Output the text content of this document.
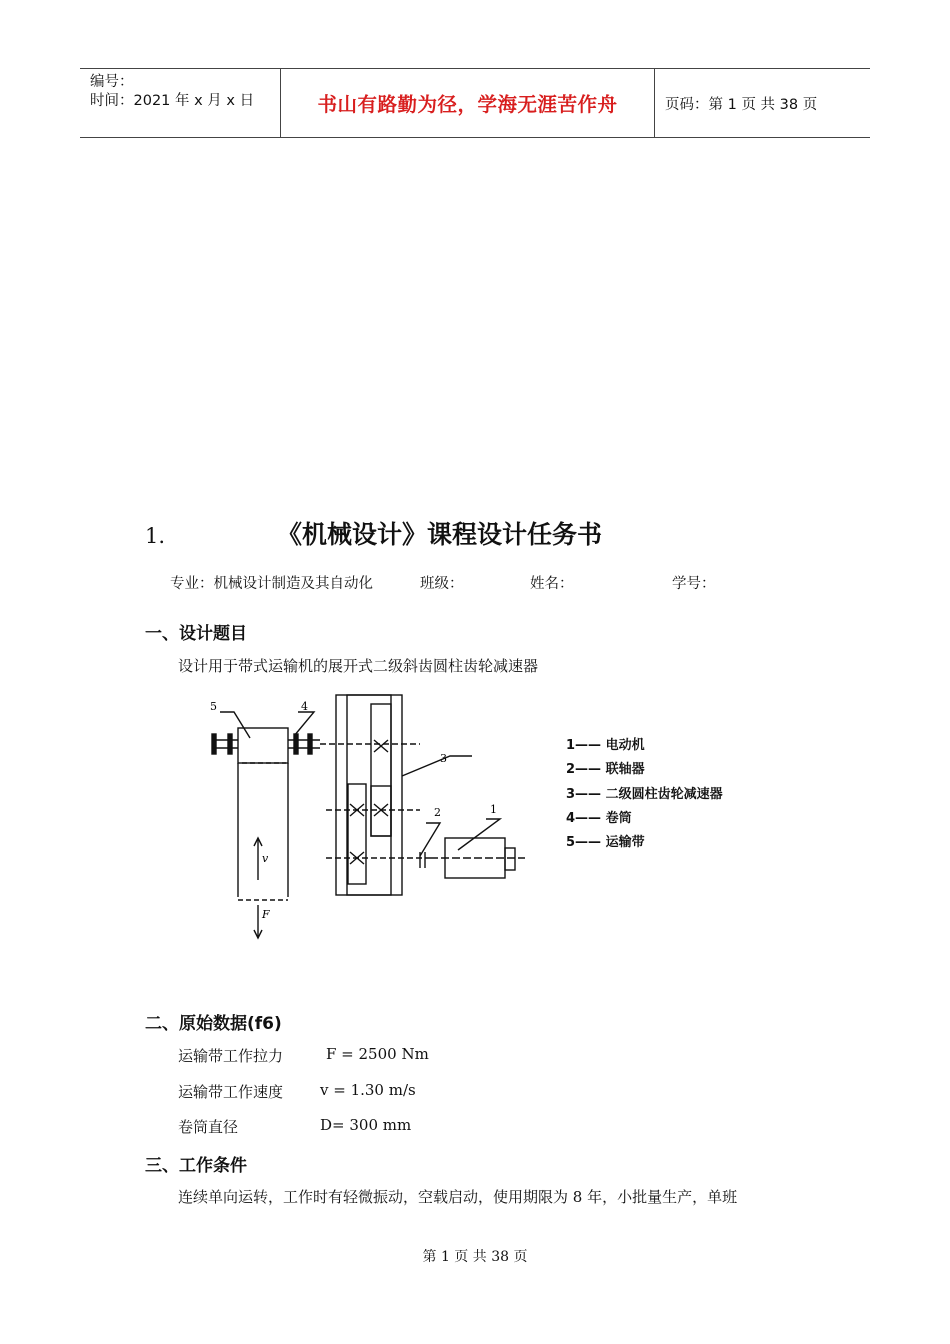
编号：
时间：2021 年 x 月 x 日	书山有路勤为径，学海无涯苦作舟	页码：第 1 页 共 38 页
1.	《机械设计》课程设计任务书
专业：机械设计制造及其自动化	班级：	姓名：	学号：
一、设计题目
设计用于带式运输机的展开式二级斜齿圆柱齿轮减速器
5	4
3
2	1
v
F
1—— 电动机
2—— 联轴器
3—— 二级圆柱齿轮减速器
4—— 卷筒
5—— 运输带
二、原始数据(f6)
运输带工作拉力	F = 2500 Nm
运输带工作速度 v = 1.30 m/s
卷筒直径	D= 300 mm
三、工作条件
连续单向运转，工作时有轻微振动，空载启动，使用期限为 8 年，小批量生产，单班
第 1 页 共 38 页
